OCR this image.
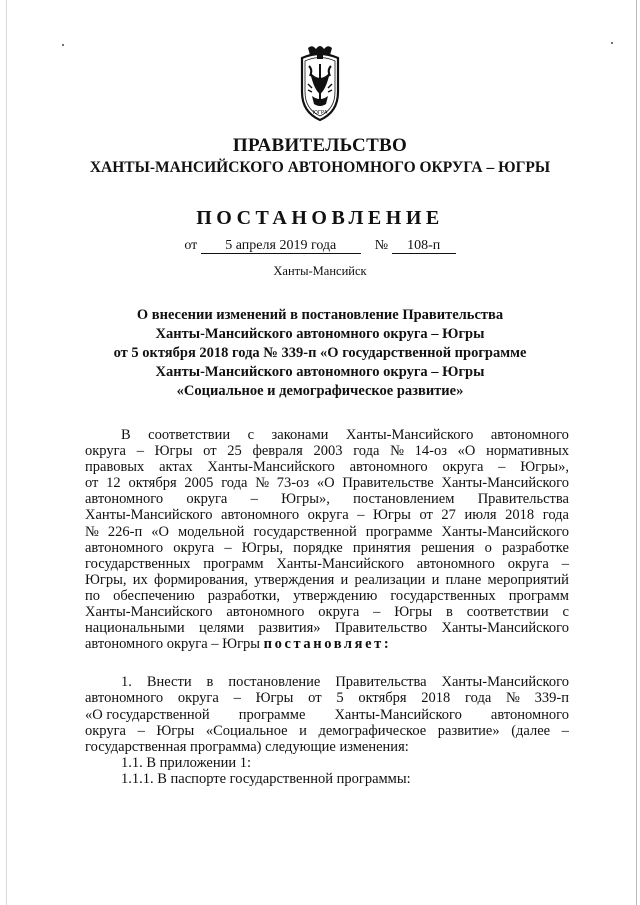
ЮГРА
ПРАВИТЕЛЬСТВО
ХАНТЫ-МАНСИЙСКОГО АВТОНОМНОГО ОКРУГА – ЮГРЫ
ПОСТАНОВЛЕНИЕ
от 5 апреля 2019 года	№ 108-п
Ханты-Мансийск
О внесении изменений в постановление Правительства
Ханты-Мансийского автономного округа – Югры
от 5 октября 2018 года № 339-п «О государственной программе
Ханты-Мансийского автономного округа – Югры
«Социальное и демографическое развитие»
В соответствии с законами Ханты-Мансийского автономного
округа – Югры от 25 февраля 2003 года № 14-оз «О нормативных
правовых актах Ханты-Мансийского автономного округа – Югры»,
от 12 октября 2005 года № 73-оз «О Правительстве Ханты-Мансийского
автономного округа – Югры», постановлением Правительства
Ханты-Мансийского автономного округа – Югры от 27 июля 2018 года
№ 226-п «О модельной государственной программе Ханты-Мансийского
автономного округа – Югры, порядке принятия решения о разработке
государственных программ Ханты-Мансийского автономного округа –
Югры, их формирования, утверждения и реализации и плане мероприятий
по обеспечению разработки, утверждению государственных программ
Ханты-Мансийского автономного округа – Югры в соответствии с
национальными целями развития» Правительство Ханты-Мансийского
автономного округа – Югры постановляет:
1. Внести в постановление Правительства Ханты-Мансийского
автономного округа – Югры от 5 октября 2018 года № 339-п
«О государственной программе Ханты-Мансийского автономного
округа – Югры «Социальное и демографическое развитие» (далее –
государственная программа) следующие изменения:
1.1. В приложении 1:
1.1.1. В паспорте государственной программы:
